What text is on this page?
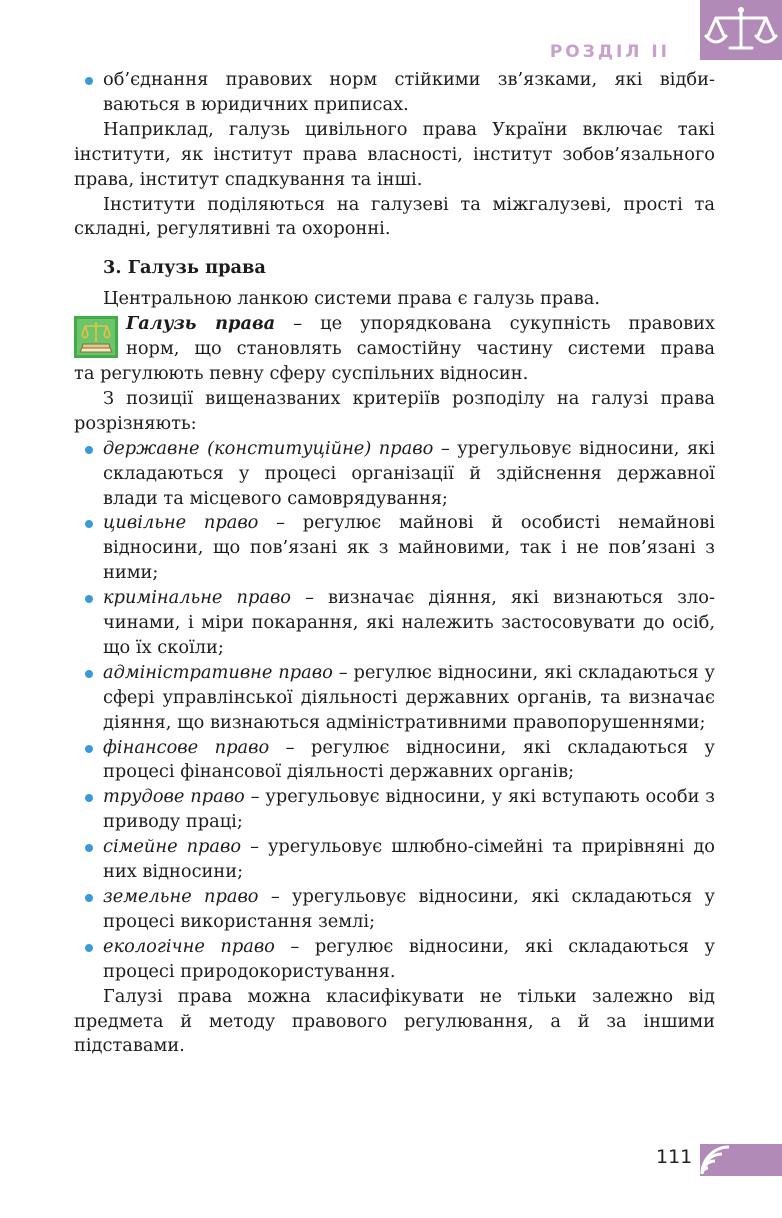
РОЗДІЛ ІІ

об’єднання правових норм стійкими зв’язками, які відби-

ваються в юридичних приписах.

Наприклад, галузь цивільного права України включає такі інститути, як інститут права власності, інститут зобов’язального права, інститут спадкування та інші.

Інститути поділяються на галузеві та міжгалузеві, прості та складні, регулятивні та охоронні.

3. Галузь права

Центральною ланкою системи права є галузь права.

Галузь права – це упорядкована сукупність правових

норм, що становлять самостійну частину системи права

та регулюють певну сферу суспільних відносин.

З позиції вищеназваних критеріїв розподілу на галузі права розрізняють:

державне (конституційне) право – урегульовує відносини, які складаються у процесі організації й здійснення державної влади та місцевого самоврядування;

цивільне право – регулює майнові й особисті немайнові відносини, що пов’язані як з майновими, так і не пов’язані з ними;

кримінальне право – визначає діяння, які визнаються злочинами, і міри покарання, які належить застосовувати до осіб, що їх скоїли;

адміністративне право – регулює відносини, які складаються у сфері управлінської діяльності державних органів, та визначає діяння, що визнаються адміністративними правопорушеннями;

фінансове право – регулює відносини, які складаються у процесі фінансової діяльності державних органів;

трудове право – урегульовує відносини, у які вступають особи з приводу праці;

сімейне право – урегульовує шлюбно-сімейні та прирівняні до них відносини;

земельне право – урегульовує відносини, які складаються у процесі використання землі;

екологічне право – регулює відносини, які складаються у процесі природокористування.

Галузі права можна класифікувати не тільки залежно від предмета й методу правового регулювання, а й за іншими підставами.

111
